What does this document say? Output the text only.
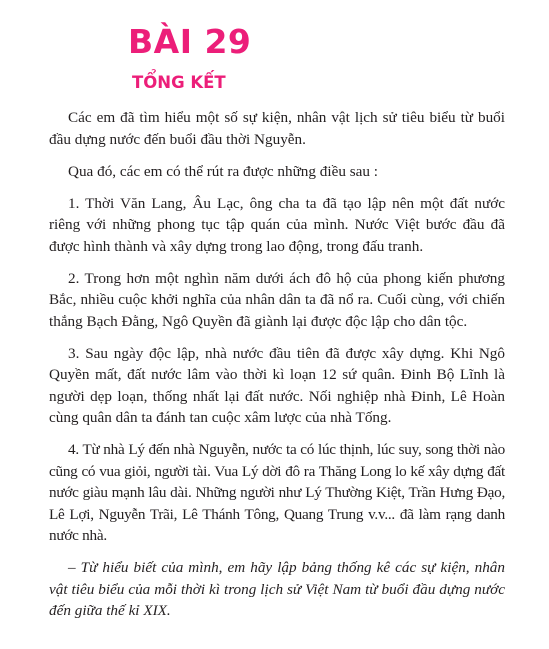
BÀI 29
TỔNG KẾT

Các em đã tìm hiểu một số sự kiện, nhân vật lịch sử tiêu biểu từ buổi đầu dựng nước đến buổi đầu thời Nguyễn.

Qua đó, các em có thể rút ra được những điều sau :

1. Thời Văn Lang, Âu Lạc, ông cha ta đã tạo lập nên một đất nước riêng với những phong tục tập quán của mình. Nước Việt bước đầu đã được hình thành và xây dựng trong lao động, trong đấu tranh.

2. Trong hơn một nghìn năm dưới ách đô hộ của phong kiến phương Bắc, nhiều cuộc khởi nghĩa của nhân dân ta đã nổ ra. Cuối cùng, với chiến thắng Bạch Đằng, Ngô Quyền đã giành lại được độc lập cho dân tộc.

3. Sau ngày độc lập, nhà nước đầu tiên đã được xây dựng. Khi Ngô Quyền mất, đất nước lâm vào thời kì loạn 12 sứ quân. Đinh Bộ Lĩnh là người dẹp loạn, thống nhất lại đất nước. Nối nghiệp nhà Đinh, Lê Hoàn cùng quân dân ta đánh tan cuộc xâm lược của nhà Tống.

4. Từ nhà Lý đến nhà Nguyễn, nước ta có lúc thịnh, lúc suy, song thời nào cũng có vua giỏi, người tài. Vua Lý dời đô ra Thăng Long lo kế xây dựng đất nước giàu mạnh lâu dài. Những người như Lý Thường Kiệt, Trần Hưng Đạo, Lê Lợi, Nguyễn Trãi, Lê Thánh Tông, Quang Trung v.v... đã làm rạng danh nước nhà.

– Từ hiểu biết của mình, em hãy lập bảng thống kê các sự kiện, nhân vật tiêu biểu của mỗi thời kì trong lịch sử Việt Nam từ buổi đầu dựng nước đến giữa thế kỉ XIX.
